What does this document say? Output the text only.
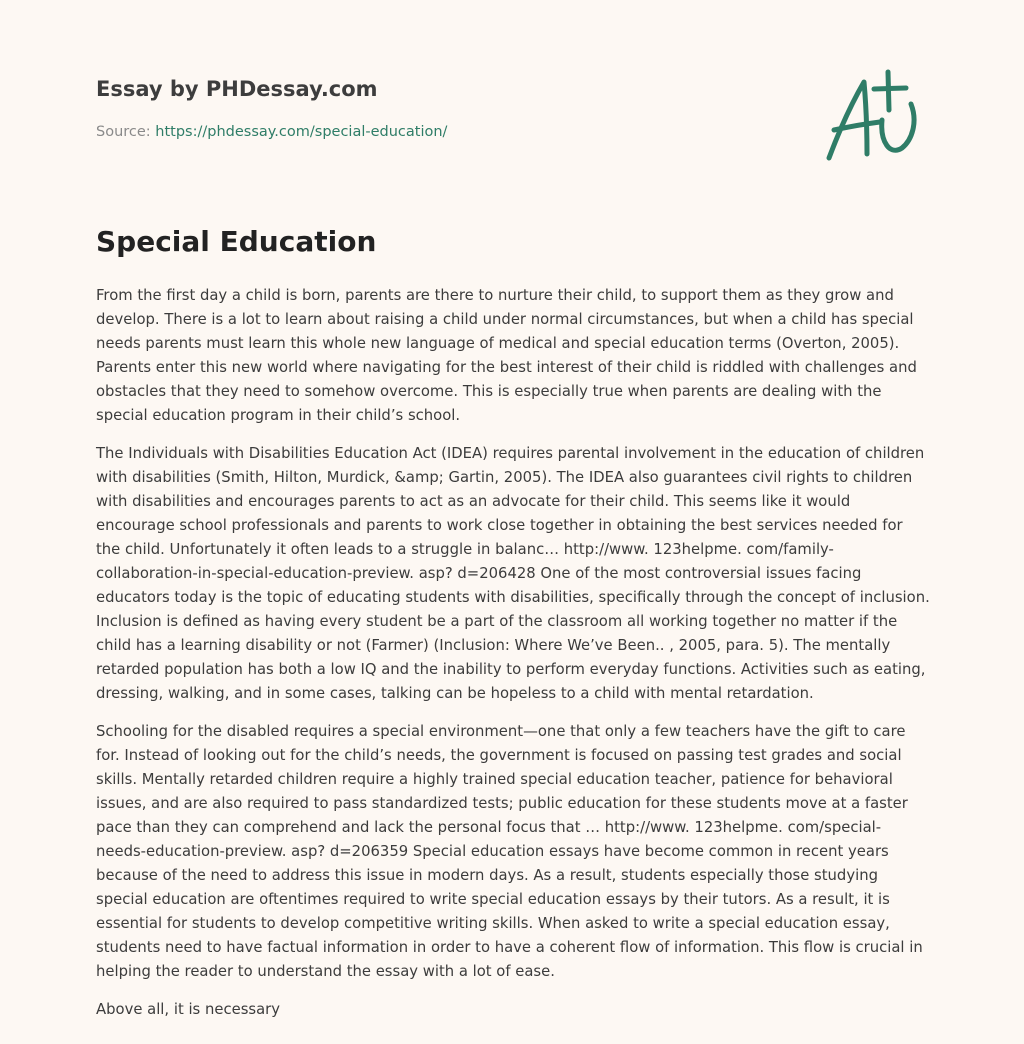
Essay by PHDessay.com
Source: https://phdessay.com/special-education/
Special Education

From the first day a child is born, parents are there to nurture their child, to support them as they grow and develop. There is a lot to learn about raising a child under normal circumstances, but when a child has special needs parents must learn this whole new language of medical and special education terms (Overton, 2005). Parents enter this new world where navigating for the best interest of their child is riddled with challenges and obstacles that they need to somehow overcome. This is especially true when parents are dealing with the special education program in their child’s school.

The Individuals with Disabilities Education Act (IDEA) requires parental involvement in the education of children with disabilities (Smith, Hilton, Murdick, &amp; Gartin, 2005). The IDEA also guarantees civil rights to children with disabilities and encourages parents to act as an advocate for their child. This seems like it would encourage school professionals and parents to work close together in obtaining the best services needed for the child. Unfortunately it often leads to a struggle in balanc… http://www. 123helpme. com/family-collaboration-in-special-education-preview. asp? d=206428 One of the most controversial issues facing educators today is the topic of educating students with disabilities, specifically through the concept of inclusion. Inclusion is defined as having every student be a part of the classroom all working together no matter if the child has a learning disability or not (Farmer) (Inclusion: Where We’ve Been.. , 2005, para. 5). The mentally retarded population has both a low IQ and the inability to perform everyday functions. Activities such as eating, dressing, walking, and in some cases, talking can be hopeless to a child with mental retardation.

Schooling for the disabled requires a special environment—one that only a few teachers have the gift to care for. Instead of looking out for the child’s needs, the government is focused on passing test grades and social skills. Mentally retarded children require a highly trained special education teacher, patience for behavioral issues, and are also required to pass standardized tests; public education for these students move at a faster pace than they can comprehend and lack the personal focus that … http://www. 123helpme. com/special-needs-education-preview. asp? d=206359 Special education essays have become common in recent years because of the need to address this issue in modern days. As a result, students especially those studying special education are oftentimes required to write special education essays by their tutors. As a result, it is essential for students to develop competitive writing skills. When asked to write a special education essay, students need to have factual information in order to have a coherent flow of information. This flow is crucial in helping the reader to understand the essay with a lot of ease.

Above all, it is necessary
